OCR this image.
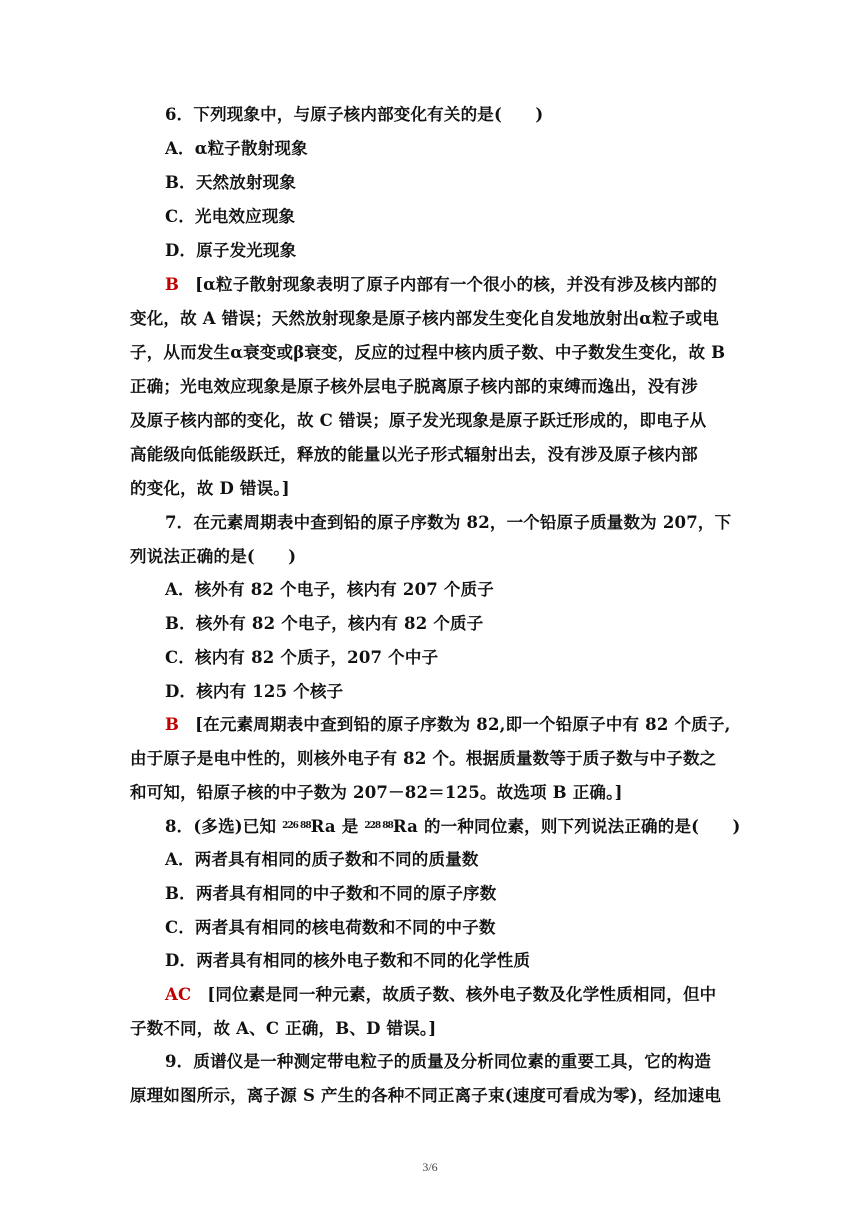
6．下列现象中，与原子核内部变化有关的是(　　)
A．α粒子散射现象
B．天然放射现象
C．光电效应现象
D．原子发光现象
B [α粒子散射现象表明了原子内部有一个很小的核，并没有涉及核内部的
变化，故 A 错误；天然放射现象是原子核内部发生变化自发地放射出α粒子或电
子，从而发生α衰变或β衰变，反应的过程中核内质子数、中子数发生变化，故 B
正确；光电效应现象是原子核外层电子脱离原子核内部的束缚而逸出，没有涉
及原子核内部的变化，故 C 错误；原子发光现象是原子跃迁形成的，即电子从
高能级向低能级跃迁，释放的能量以光子形式辐射出去，没有涉及原子核内部
的变化，故 D 错误。]
7．在元素周期表中查到铅的原子序数为 82，一个铅原子质量数为 207，下
列说法正确的是(　　)
A．核外有 82 个电子，核内有 207 个质子
B．核外有 82 个电子，核内有 82 个质子
C．核内有 82 个质子，207 个中子
D．核内有 125 个核子
B [在元素周期表中查到铅的原子序数为 82,即一个铅原子中有 82 个质子,
由于原子是电中性的，则核外电子有 82 个。根据质量数等于质子数与中子数之
和可知，铅原子核的中子数为 207－82＝125。故选项 B 正确。]
8．(多选)已知 $^{226 88}$Ra 是 $^{228 88}$Ra 的一种同位素，则下列说法正确的是(　　)
A．两者具有相同的质子数和不同的质量数
B．两者具有相同的中子数和不同的原子序数
C．两者具有相同的核电荷数和不同的中子数
D．两者具有相同的核外电子数和不同的化学性质
AC [同位素是同一种元素，故质子数、核外电子数及化学性质相同，但中
子数不同，故 A、C 正确，B、D 错误。]
9．质谱仪是一种测定带电粒子的质量及分析同位素的重要工具，它的构造
原理如图所示，离子源 S 产生的各种不同正离子束(速度可看成为零)，经加速电
3/6
